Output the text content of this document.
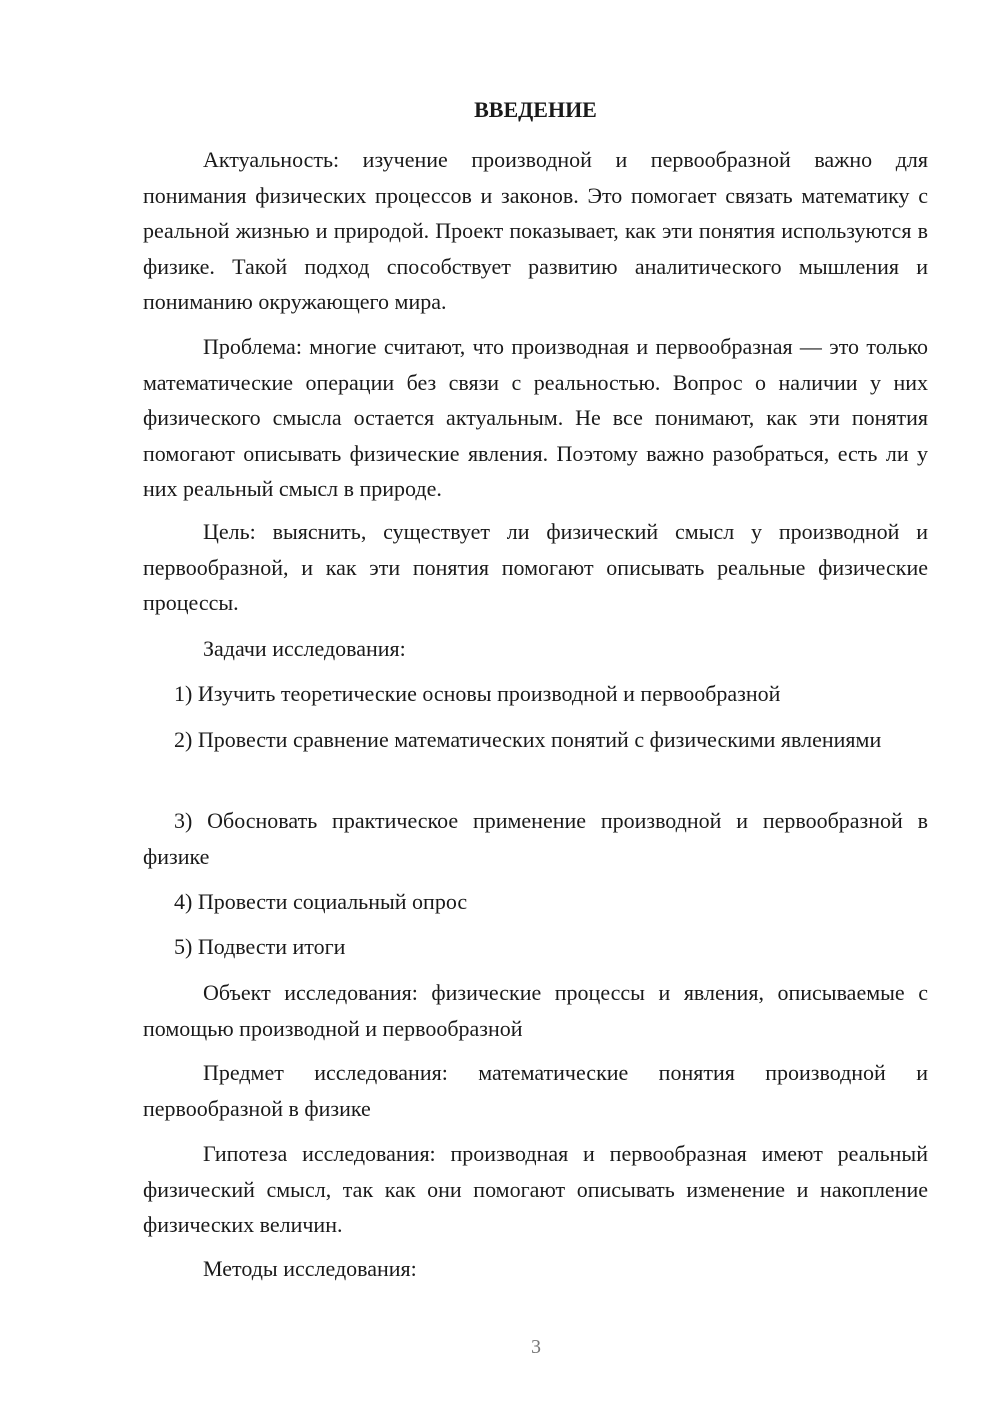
ВВЕДЕНИЕ

Актуальность: изучение производной и первообразной важно для понимания физических процессов и законов. Это помогает связать математику с реальной жизнью и природой. Проект показывает, как эти понятия используются в физике. Такой подход способствует развитию аналитического мышления и пониманию окружающего мира.

Проблема: многие считают, что производная и первообразная — это только математические операции без связи с реальностью. Вопрос о наличии у них физического смысла остается актуальным. Не все понимают, как эти понятия помогают описывать физические явления. Поэтому важно разобраться, есть ли у них реальный смысл в природе.

Цель: выяснить, существует ли физический смысл у производной и первообразной, и как эти понятия помогают описывать реальные физические процессы.

Задачи исследования:

1) Изучить теоретические основы производной и первообразной

2) Провести сравнение математических понятий с физическими явлениями

3) Обосновать практическое применение производной и первообразной в физике

4) Провести социальный опрос

5) Подвести итоги

Объект исследования: физические процессы и явления, описываемые с помощью производной и первообразной

Предмет исследования: математические понятия производной и первообразной в физике

Гипотеза исследования: производная и первообразная имеют реальный физический смысл, так как они помогают описывать изменение и накопление физических величин.

Методы исследования:

3
